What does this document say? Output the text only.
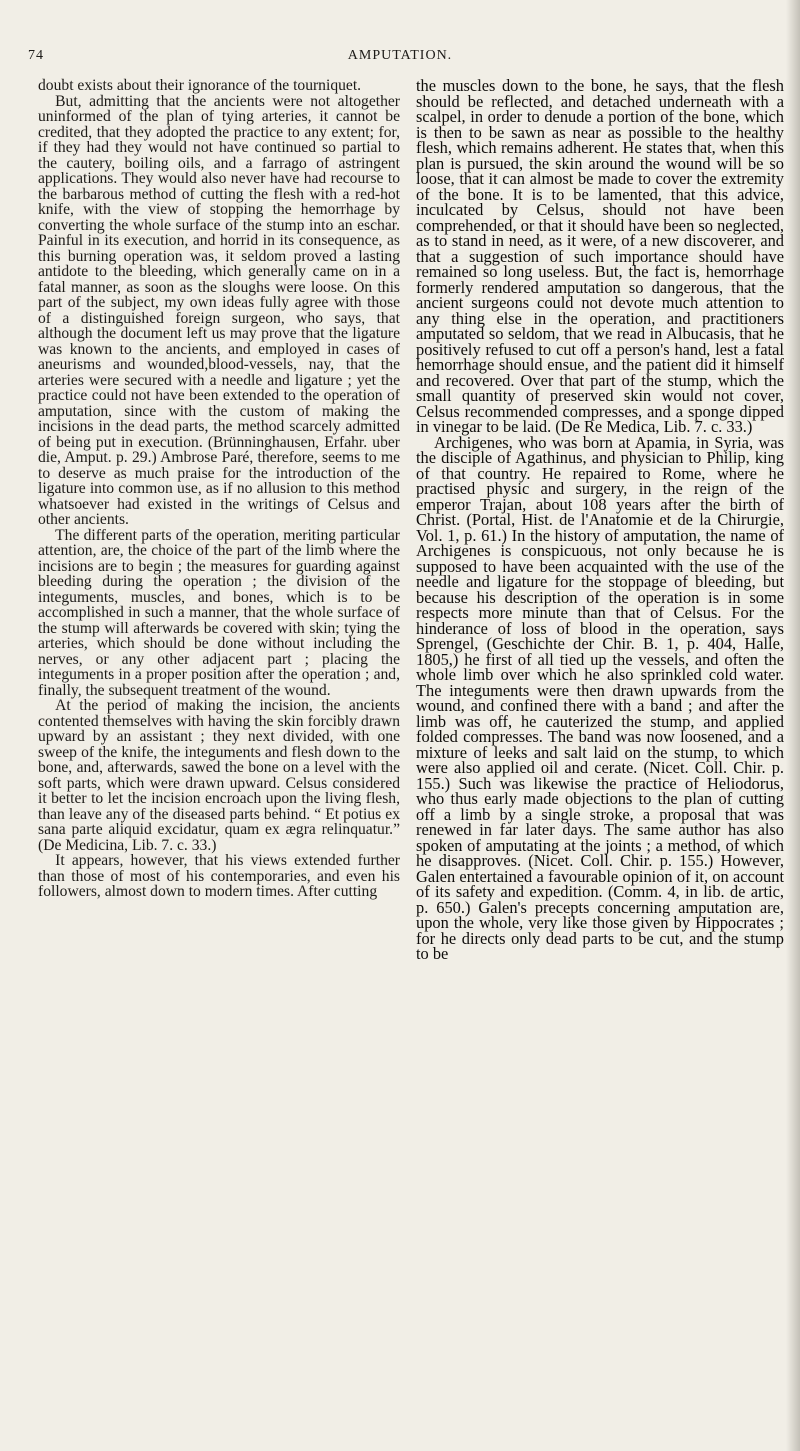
74	AMPUTATION.

doubt exists about their ignorance of the tourniquet.

But, admitting that the ancients were not altogether uninformed of the plan of tying arteries, it cannot be credited, that they adopted the practice to any extent; for, if they had they would not have continued so partial to the cautery, boiling oils, and a farrago of astringent applications. They would also never have had recourse to the barbarous method of cutting the flesh with a red-hot knife, with the view of stopping the hemorrhage by converting the whole surface of the stump into an eschar. Painful in its execution, and horrid in its consequence, as this burning operation was, it seldom proved a lasting antidote to the bleeding, which generally came on in a fatal manner, as soon as the sloughs were loose. On this part of the subject, my own ideas fully agree with those of a distinguished foreign surgeon, who says, that although the document left us may prove that the ligature was known to the ancients, and employed in cases of aneurisms and wounded,blood-vessels, nay, that the arteries were secured with a needle and ligature ; yet the practice could not have been extended to the operation of amputation, since with the custom of making the incisions in the dead parts, the method scarcely admitted of being put in execution. (Brünninghausen, Erfahr. uber die, Amput. p. 29.) Ambrose Paré, therefore, seems to me to deserve as much praise for the introduction of the ligature into common use, as if no allusion to this method whatsoever had existed in the writings of Celsus and other ancients.

The different parts of the operation, meriting particular attention, are, the choice of the part of the limb where the incisions are to begin ; the measures for guarding against bleeding during the operation ; the division of the integuments, muscles, and bones, which is to be accomplished in such a manner, that the whole surface of the stump will afterwards be covered with skin; tying the arteries, which should be done without including the nerves, or any other adjacent part ; placing the integuments in a proper position after the operation ; and, finally, the subsequent treatment of the wound.

At the period of making the incision, the ancients contented themselves with having the skin forcibly drawn upward by an assistant ; they next divided, with one sweep of the knife, the integuments and flesh down to the bone, and, afterwards, sawed the bone on a level with the soft parts, which were drawn upward. Celsus considered it better to let the incision encroach upon the living flesh, than leave any of the diseased parts behind. “ Et potius ex sana parte aliquid excidatur, quam ex ægra relinquatur.” (De Medicina, Lib. 7. c. 33.)

It appears, however, that his views extended further than those of most of his contemporaries, and even his followers, almost down to modern times. After cutting

the muscles down to the bone, he says, that the flesh should be reflected, and detached underneath with a scalpel, in order to denude a portion of the bone, which is then to be sawn as near as possible to the healthy flesh, which remains adherent. He states that, when this plan is pursued, the skin around the wound will be so loose, that it can almost be made to cover the extremity of the bone. It is to be lamented, that this advice, inculcated by Celsus, should not have been comprehended, or that it should have been so neglected, as to stand in need, as it were, of a new discoverer, and that a suggestion of such importance should have remained so long useless. But, the fact is, hemorrhage formerly rendered amputation so dangerous, that the ancient surgeons could not devote much attention to any thing else in the operation, and practitioners amputated so seldom, that we read in Albucasis, that he positively refused to cut off a person's hand, lest a fatal hemorrhage should ensue, and the patient did it himself and recovered. Over that part of the stump, which the small quantity of preserved skin would not cover, Celsus recommended compresses, and a sponge dipped in vinegar to be laid. (De Re Medica, Lib. 7. c. 33.)

Archigenes, who was born at Apamia, in Syria, was the disciple of Agathinus, and physician to Philip, king of that country. He repaired to Rome, where he practised physic and surgery, in the reign of the emperor Trajan, about 108 years after the birth of Christ. (Portal, Hist. de l'Anatomie et de la Chirurgie, Vol. 1, p. 61.) In the history of amputation, the name of Archigenes is conspicuous, not only because he is supposed to have been acquainted with the use of the needle and ligature for the stoppage of bleeding, but because his description of the operation is in some respects more minute than that of Celsus. For the hinderance of loss of blood in the operation, says Sprengel, (Geschichte der Chir. B. 1, p. 404, Halle, 1805,) he first of all tied up the vessels, and often the whole limb over which he also sprinkled cold water. The integuments were then drawn upwards from the wound, and confined there with a band ; and after the limb was off, he cauterized the stump, and applied folded compresses. The band was now loosened, and a mixture of leeks and salt laid on the stump, to which were also applied oil and cerate. (Nicet. Coll. Chir. p. 155.) Such was likewise the practice of Heliodorus, who thus early made objections to the plan of cutting off a limb by a single stroke, a proposal that was renewed in far later days. The same author has also spoken of amputating at the joints ; a method, of which he disapproves. (Nicet. Coll. Chir. p. 155.) However, Galen entertained a favourable opinion of it, on account of its safety and expedition. (Comm. 4, in lib. de artic, p. 650.) Galen's precepts concerning amputation are, upon the whole, very like those given by Hippocrates ; for he directs only dead parts to be cut, and the stump to be
